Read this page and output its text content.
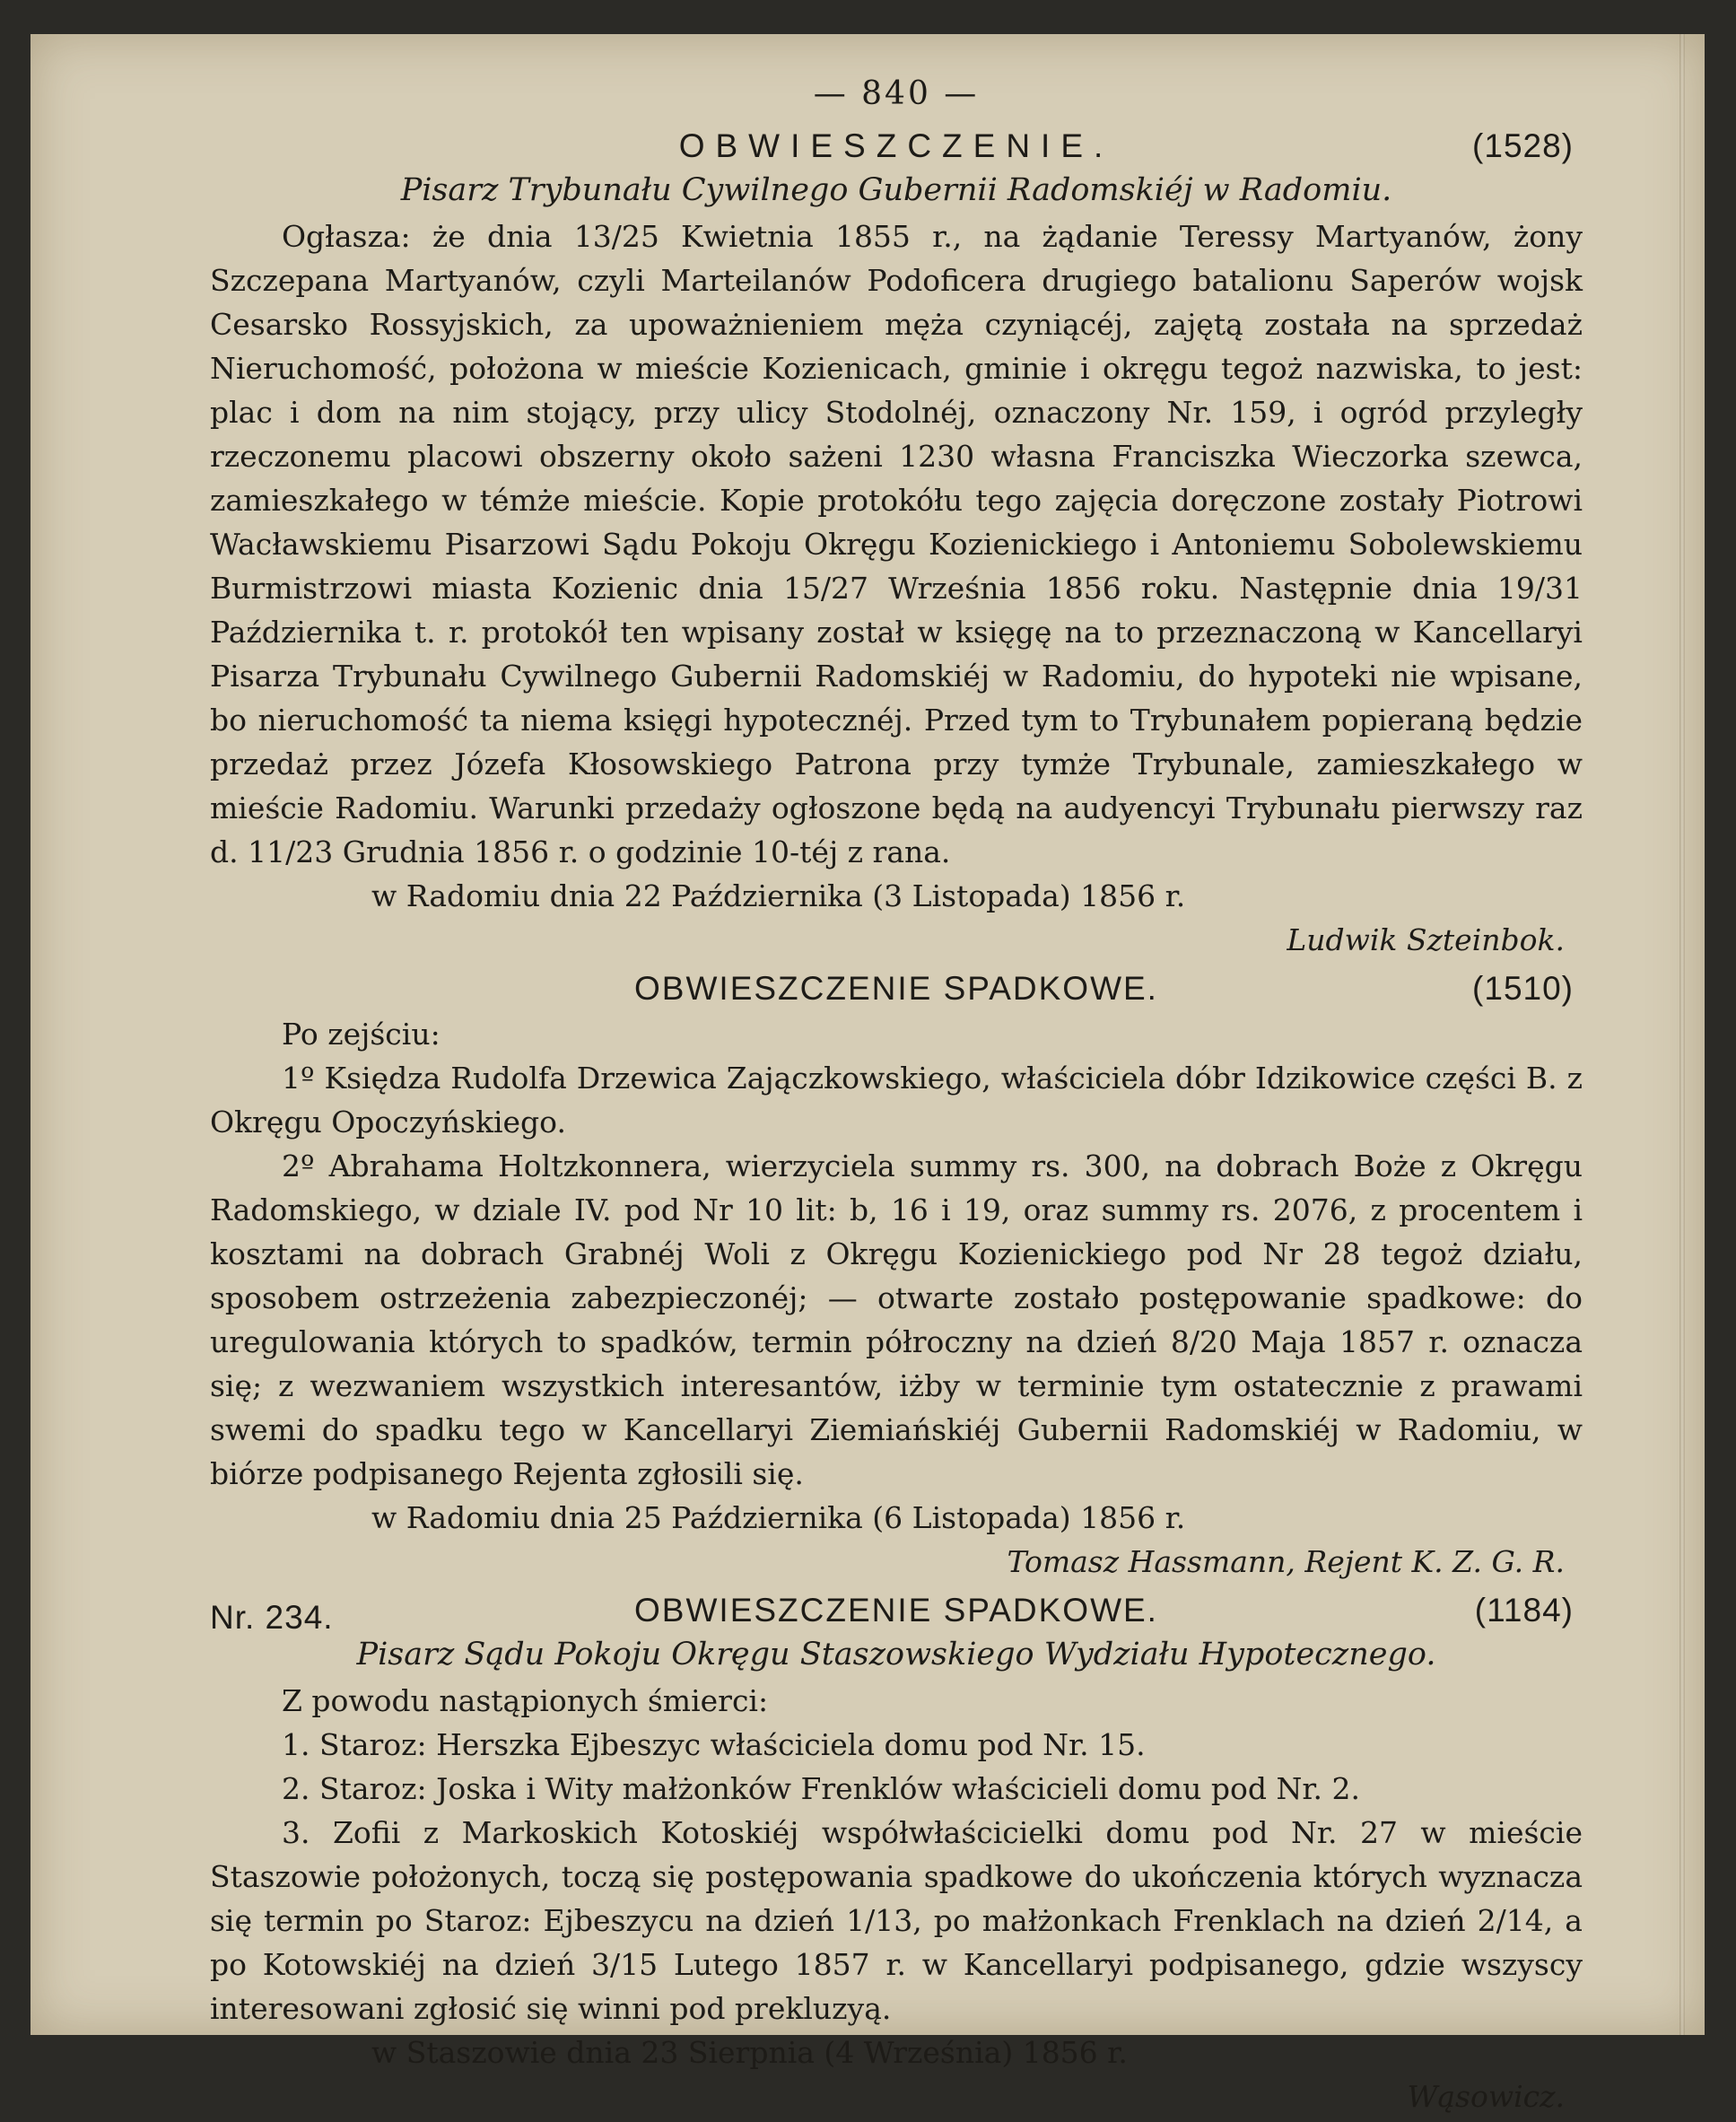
— 840 —
OBWIESZCZENIE.	(1528)
Pisarz Trybunału Cywilnego Gubernii Radomskiéj w Radomiu.

Ogłasza: że dnia 13/25 Kwietnia 1855 r., na żądanie Teressy Martyanów, żony Szczepana Martyanów, czyli Marteilanów Podoficera drugiego batalionu Saperów wojsk Cesarsko Rossyjskich, za upoważnieniem męża czyniącéj, zajętą została na sprzedaż Nieruchomość, położona w mieście Kozienicach, gminie i okręgu tegoż nazwiska, to jest: plac i dom na nim stojący, przy ulicy Stodolnéj, oznaczony Nr. 159, i ogród przyległy rzeczonemu placowi obszerny około sażeni 1230 własna Franciszka Wieczorka szewca, zamieszkałego w témże mieście. Kopie protokółu tego zajęcia doręczone zostały Piotrowi Wacławskiemu Pisarzowi Sądu Pokoju Okręgu Kozienickiego i Antoniemu Sobolewskiemu Burmistrzowi miasta Kozienic dnia 15/27 Września 1856 roku. Następnie dnia 19/31 Października t. r. protokół ten wpisany został w księgę na to przeznaczoną w Kancellaryi Pisarza Trybunału Cywilnego Gubernii Radomskiéj w Radomiu, do hypoteki nie wpisane, bo nieruchomość ta niema księgi hypotecznéj. Przed tym to Trybunałem popieraną będzie przedaż przez Józefa Kłosowskiego Patrona przy tymże Trybunale, zamieszkałego w mieście Radomiu. Warunki przedaży ogłoszone będą na audyencyi Trybunału pierwszy raz d. 11/23 Grudnia 1856 r. o godzinie 10-téj z rana.

w Radomiu dnia 22 Października (3 Listopada) 1856 r.

Ludwik Szteinbok.

OBWIESZCZENIE SPADKOWE.	(1510)

Po zejściu:

1º Księdza Rudolfa Drzewica Zajączkowskiego, właściciela dóbr Idzikowice części B. z Okręgu Opoczyńskiego.

2º Abrahama Holtzkonnera, wierzyciela summy rs. 300, na dobrach Boże z Okręgu Radomskiego, w dziale IV. pod Nr 10 lit: b, 16 i 19, oraz summy rs. 2076, z procentem i kosztami na dobrach Grabnéj Woli z Okręgu Kozienickiego pod Nr 28 tegoż działu, sposobem ostrzeżenia zabezpieczonéj; — otwarte zostało postępowanie spadkowe: do uregulowania których to spadków, termin półroczny na dzień 8/20 Maja 1857 r. oznacza się; z wezwaniem wszystkich interesantów, iżby w terminie tym ostatecznie z prawami swemi do spadku tego w Kancellaryi Ziemiańskiéj Gubernii Radomskiéj w Radomiu, w biórze podpisanego Rejenta zgłosili się.

w Radomiu dnia 25 Października (6 Listopada) 1856 r.

Tomasz Hassmann, Rejent K. Z. G. R.

Nr. 234.	OBWIESZCZENIE SPADKOWE.	(1184)
Pisarz Sądu Pokoju Okręgu Staszowskiego Wydziału Hypotecznego.

Z powodu nastąpionych śmierci:

1. Staroz: Herszka Ejbeszyc właściciela domu pod Nr. 15.

2. Staroz: Joska i Wity małżonków Frenklów właścicieli domu pod Nr. 2.

3. Zofii z Markoskich Kotoskiéj współwłaścicielki domu pod Nr. 27 w mieście Staszowie położonych, toczą się postępowania spadkowe do ukończenia których wyznacza się termin po Staroz: Ejbeszycu na dzień 1/13, po małżonkach Frenklach na dzień 2/14, a po Kotowskiéj na dzień 3/15 Lutego 1857 r. w Kancellaryi podpisanego, gdzie wszyscy interesowani zgłosić się winni pod prekluzyą.

w Staszowie dnia 23 Sierpnia (4 Września) 1856 r.

Wąsowicz.
